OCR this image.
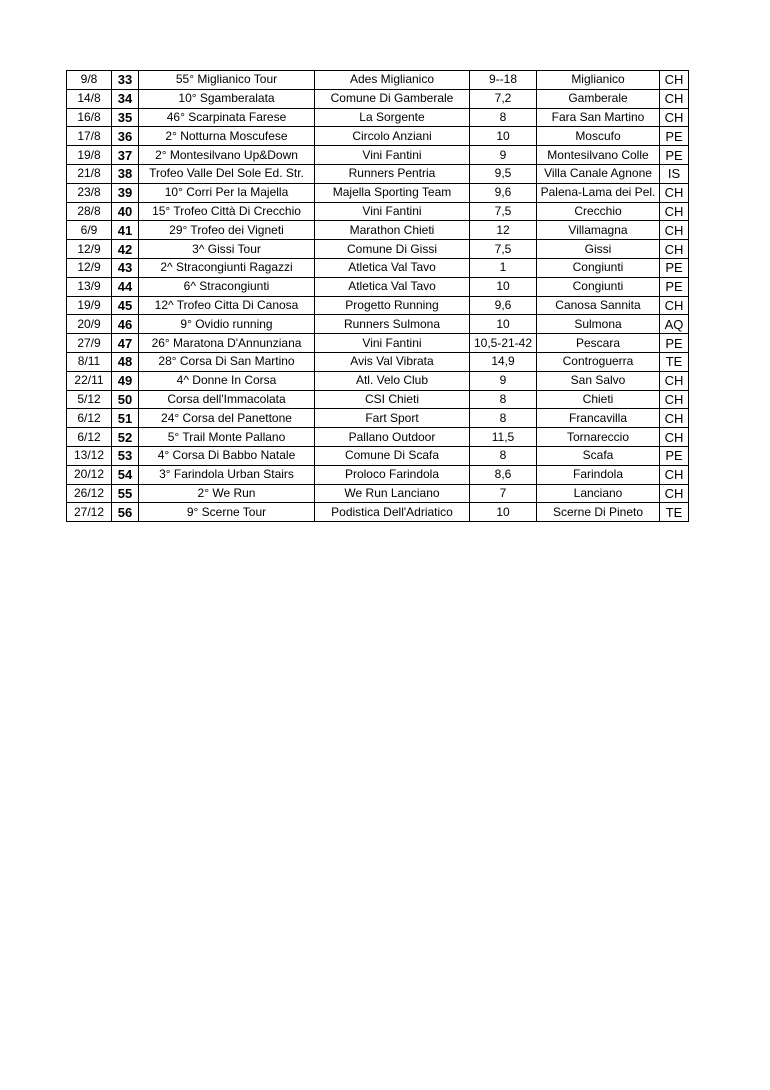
9/8	33	55° Miglianico Tour	Ades Miglianico	9--18	Miglianico	CH
14/8	34	10° Sgamberalata	Comune Di Gamberale	7,2	Gamberale	CH
16/8	35	46° Scarpinata Farese	La Sorgente	8	Fara San Martino	CH
17/8	36	2° Notturna Moscufese	Circolo Anziani	10	Moscufo	PE
19/8	37	2° Montesilvano Up&Down	Vini Fantini	9	Montesilvano Colle	PE
21/8	38	Trofeo Valle Del Sole Ed. Str.	Runners Pentria	9,5	Villa Canale Agnone	IS
23/8	39	10° Corri Per la Majella	Majella Sporting Team	9,6	Palena-Lama dei Pel.	CH
28/8	40	15° Trofeo Città Di Crecchio	Vini Fantini	7,5	Crecchio	CH
6/9	41	29° Trofeo dei Vigneti	Marathon Chieti	12	Villamagna	CH
12/9	42	3^ Gissi Tour	Comune Di Gissi	7,5	Gissi	CH
12/9	43	2^ Stracongiunti Ragazzi	Atletica Val Tavo	1	Congiunti	PE
13/9	44	6^ Stracongiunti	Atletica Val Tavo	10	Congiunti	PE
19/9	45	12^ Trofeo Citta Di Canosa	Progetto Running	9,6	Canosa Sannita	CH
20/9	46	9° Ovidio running	Runners Sulmona	10	Sulmona	AQ
27/9	47	26° Maratona D'Annunziana	Vini Fantini	10,5-21-42	Pescara	PE
8/11	48	28° Corsa Di San Martino	Avis Val Vibrata	14,9	Controguerra	TE
22/11	49	4^ Donne In Corsa	Atl. Velo Club	9	San Salvo	CH
5/12	50	Corsa dell'Immacolata	CSI Chieti	8	Chieti	CH
6/12	51	24° Corsa del Panettone	Fart Sport	8	Francavilla	CH
6/12	52	5° Trail Monte Pallano	Pallano Outdoor	11,5	Tornareccio	CH
13/12	53	4° Corsa Di Babbo Natale	Comune Di Scafa	8	Scafa	PE
20/12	54	3° Farindola Urban Stairs	Proloco Farindola	8,6	Farindola	CH
26/12	55	2° We Run	We Run Lanciano	7	Lanciano	CH
27/12	56	9° Scerne Tour	Podistica Dell'Adriatico	10	Scerne Di Pineto	TE
